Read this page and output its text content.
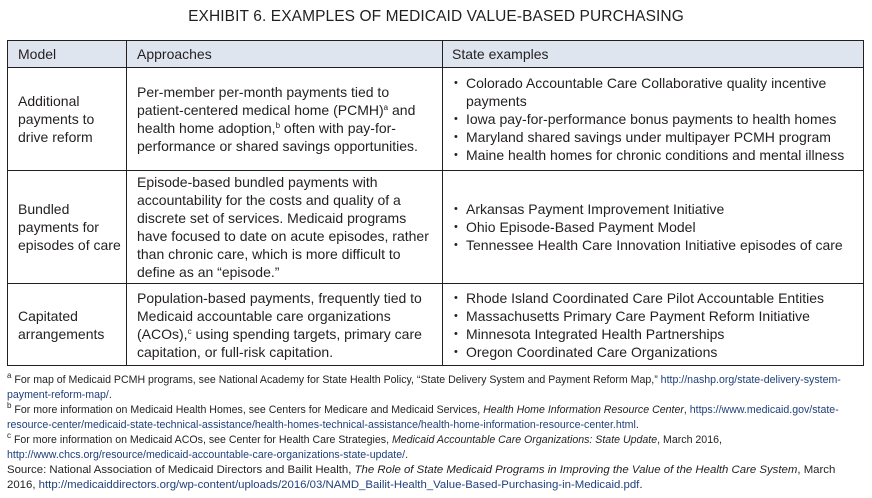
EXHIBIT 6. EXAMPLES OF MEDICAID VALUE-BASED PURCHASING
Model	Approaches	State examples
Additional payments to drive reform
Per-member per-month payments tied to patient-centered medical home (PCMH)$^a$ and health home adoption,$^b$ often with pay-for-performance or shared savings opportunities.
• Colorado Accountable Care Collaborative quality incentive payments
• Iowa pay-for-performance bonus payments to health homes
• Maryland shared savings under multipayer PCMH program
• Maine health homes for chronic conditions and mental illness
Bundled payments for episodes of care
Episode-based bundled payments with accountability for the costs and quality of a discrete set of services. Medicaid programs have focused to date on acute episodes, rather than chronic care, which is more difficult to define as an “episode.”
• Arkansas Payment Improvement Initiative
• Ohio Episode-Based Payment Model
• Tennessee Health Care Innovation Initiative episodes of care
Capitated arrangements
Population-based payments, frequently tied to Medicaid accountable care organizations (ACOs),$^c$ using spending targets, primary care capitation, or full-risk capitation.
• Rhode Island Coordinated Care Pilot Accountable Entities
• Massachusetts Primary Care Payment Reform Initiative
• Minnesota Integrated Health Partnerships
• Oregon Coordinated Care Organizations

$^a$ For map of Medicaid PCMH programs, see National Academy for State Health Policy, “State Delivery System and Payment Reform Map,” http://nashp.org/state-delivery-system-payment-reform-map/.

$^b$ For more information on Medicaid Health Homes, see Centers for Medicare and Medicaid Services, Health Home Information Resource Center, https://www.medicaid.gov/state-resource-center/medicaid-state-technical-assistance/health-homes-technical-assistance/health-home-information-resource-center.html.

$^c$ For more information on Medicaid ACOs, see Center for Health Care Strategies, Medicaid Accountable Care Organizations: State Update, March 2016, http://www.chcs.org/resource/medicaid-accountable-care-organizations-state-update/.

Source: National Association of Medicaid Directors and Bailit Health, The Role of State Medicaid Programs in Improving the Value of the Health Care System, March 2016, http://medicaiddirectors.org/wp-content/uploads/2016/03/NAMD_Bailit-Health_Value-Based-Purchasing-in-Medicaid.pdf.
